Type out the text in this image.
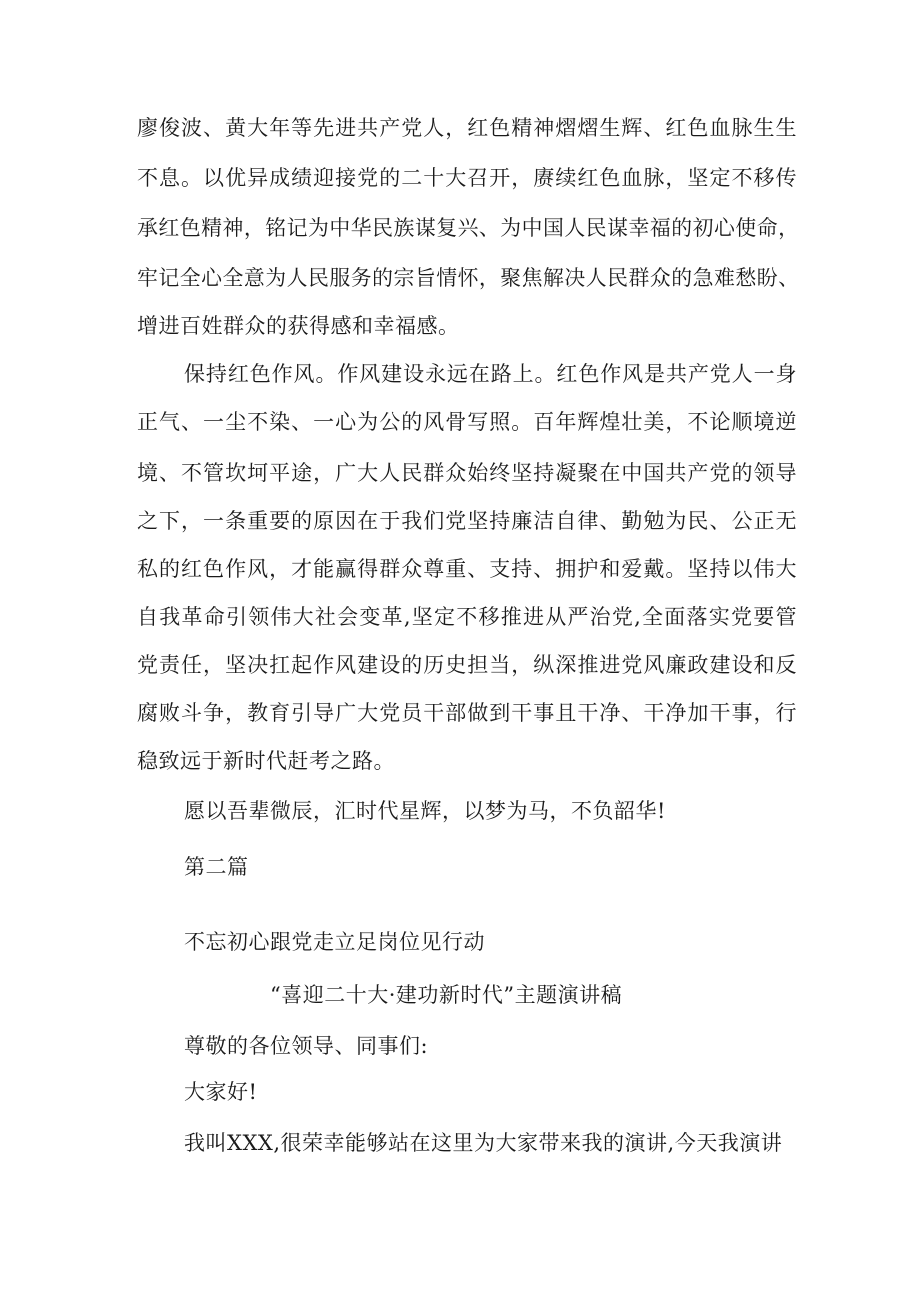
廖俊波、黄大年等先进共产党人，红色精神熠熠生辉、红色血脉生生
不息。以优异成绩迎接党的二十大召开，赓续红色血脉，坚定不移传
承红色精神，铭记为中华民族谋复兴、为中国人民谋幸福的初心使命，
牢记全心全意为人民服务的宗旨情怀，聚焦解决人民群众的急难愁盼、
增进百姓群众的获得感和幸福感。
保持红色作风。作风建设永远在路上。红色作风是共产党人一身
正气、一尘不染、一心为公的风骨写照。百年辉煌壮美，不论顺境逆
境、不管坎坷平途，广大人民群众始终坚持凝聚在中国共产党的领导
之下，一条重要的原因在于我们党坚持廉洁自律、勤勉为民、公正无
私的红色作风，才能赢得群众尊重、支持、拥护和爱戴。坚持以伟大
自我革命引领伟大社会变革,坚定不移推进从严治党,全面落实党要管
党责任，坚决扛起作风建设的历史担当，纵深推进党风廉政建设和反
腐败斗争，教育引导广大党员干部做到干事且干净、干净加干事，行
稳致远于新时代赶考之路。
愿以吾辈微辰，汇时代星辉，以梦为马，不负韶华!
第二篇
不忘初心跟党走立足岗位见行动
“喜迎二十大·建功新时代”主题演讲稿
尊敬的各位领导、同事们:
大家好!
我叫XXX,很荣幸能够站在这里为大家带来我的演讲,今天我演讲
